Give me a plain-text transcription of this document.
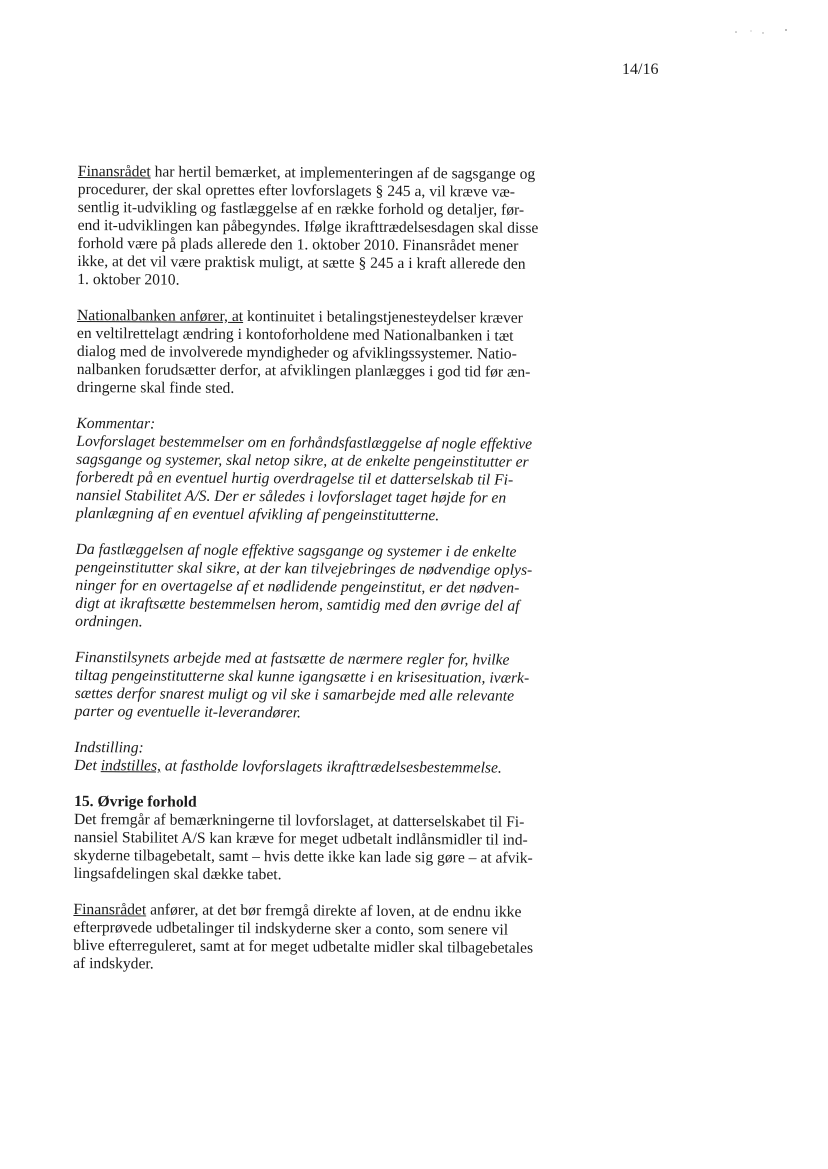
14/16

Finansrådet har hertil bemærket, at implementeringen af de sagsgange og
procedurer, der skal oprettes efter lovforslagets § 245 a, vil kræve væ-
sentlig it-udvikling og fastlæggelse af en række forhold og detaljer, før-
end it-udviklingen kan påbegyndes. Ifølge ikrafttrædelsesdagen skal disse
forhold være på plads allerede den 1. oktober 2010. Finansrådet mener
ikke, at det vil være praktisk muligt, at sætte § 245 a i kraft allerede den
1. oktober 2010.

Nationalbanken anfører, at kontinuitet i betalingstjenesteydelser kræver
en veltilrettelagt ændring i kontoforholdene med Nationalbanken i tæt
dialog med de involverede myndigheder og afviklingssystemer. Natio-
nalbanken forudsætter derfor, at afviklingen planlægges i god tid før æn-
dringerne skal finde sted.

Kommentar:

Lovforslaget bestemmelser om en forhåndsfastlæggelse af nogle effektive
sagsgange og systemer, skal netop sikre, at de enkelte pengeinstitutter er
forberedt på en eventuel hurtig overdragelse til et datterselskab til Fi-
nansiel Stabilitet A/S. Der er således i lovforslaget taget højde for en
planlægning af en eventuel afvikling af pengeinstitutterne.

Da fastlæggelsen af nogle effektive sagsgange og systemer i de enkelte
pengeinstitutter skal sikre, at der kan tilvejebringes de nødvendige oplys-
ninger for en overtagelse af et nødlidende pengeinstitut, er det nødven-
digt at ikraftsætte bestemmelsen herom, samtidig med den øvrige del af
ordningen.

Finanstilsynets arbejde med at fastsætte de nærmere regler for, hvilke
tiltag pengeinstitutterne skal kunne igangsætte i en krisesituation, iværk-
sættes derfor snarest muligt og vil ske i samarbejde med alle relevante
parter og eventuelle it-leverandører.

Indstilling:

Det indstilles, at fastholde lovforslagets ikrafttrædelsesbestemmelse.

15. Øvrige forhold

Det fremgår af bemærkningerne til lovforslaget, at datterselskabet til Fi-
nansiel Stabilitet A/S kan kræve for meget udbetalt indlånsmidler til ind-
skyderne tilbagebetalt, samt – hvis dette ikke kan lade sig gøre – at afvik-
lingsafdelingen skal dække tabet.

Finansrådet anfører, at det bør fremgå direkte af loven, at de endnu ikke
efterprøvede udbetalinger til indskyderne sker a conto, som senere vil
blive efterreguleret, samt at for meget udbetalte midler skal tilbagebetales
af indskyder.
